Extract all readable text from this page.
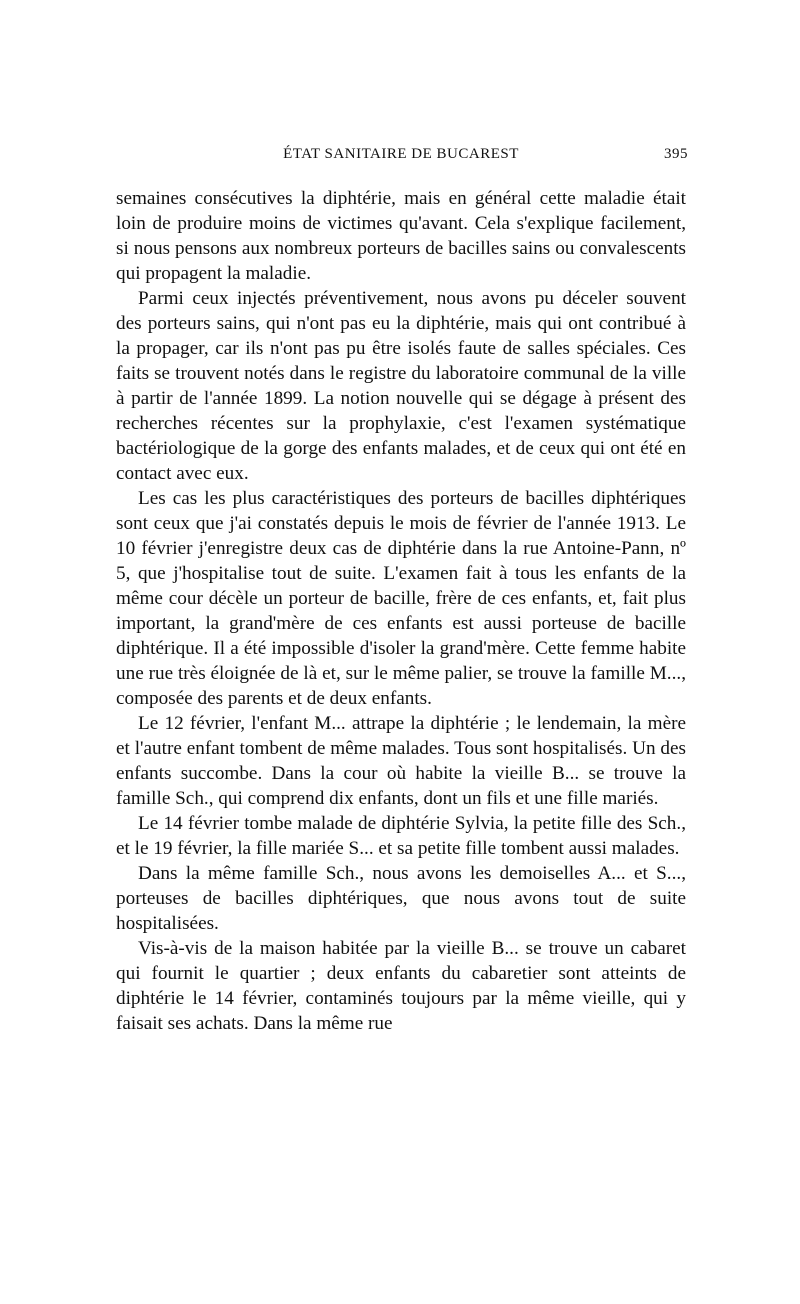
ÉTAT SANITAIRE DE BUCAREST	395

semaines consécutives la diphtérie, mais en général cette maladie était loin de produire moins de victimes qu'avant. Cela s'explique facilement, si nous pensons aux nombreux porteurs de bacilles sains ou convalescents qui propagent la maladie.

Parmi ceux injectés préventivement, nous avons pu déceler souvent des porteurs sains, qui n'ont pas eu la diphtérie, mais qui ont contribué à la propager, car ils n'ont pas pu être isolés faute de salles spéciales. Ces faits se trouvent notés dans le registre du laboratoire communal de la ville à partir de l'année 1899. La notion nouvelle qui se dégage à présent des recherches récentes sur la prophylaxie, c'est l'examen systématique bactériologique de la gorge des enfants malades, et de ceux qui ont été en contact avec eux.

Les cas les plus caractéristiques des porteurs de bacilles diphtériques sont ceux que j'ai constatés depuis le mois de février de l'année 1913. Le 10 février j'enregistre deux cas de diphtérie dans la rue Antoine-Pann, nº 5, que j'hospitalise tout de suite. L'examen fait à tous les enfants de la même cour décèle un porteur de bacille, frère de ces enfants, et, fait plus important, la grand'mère de ces enfants est aussi porteuse de bacille diphtérique. Il a été impossible d'isoler la grand'mère. Cette femme habite une rue très éloignée de là et, sur le même palier, se trouve la famille M..., composée des parents et de deux enfants.

Le 12 février, l'enfant M... attrape la diphtérie ; le lendemain, la mère et l'autre enfant tombent de même malades. Tous sont hospitalisés. Un des enfants succombe. Dans la cour où habite la vieille B... se trouve la famille Sch., qui comprend dix enfants, dont un fils et une fille mariés.

Le 14 février tombe malade de diphtérie Sylvia, la petite fille des Sch., et le 19 février, la fille mariée S... et sa petite fille tombent aussi malades.

Dans la même famille Sch., nous avons les demoiselles A... et S..., porteuses de bacilles diphtériques, que nous avons tout de suite hospitalisées.

Vis-à-vis de la maison habitée par la vieille B... se trouve un cabaret qui fournit le quartier ; deux enfants du cabaretier sont atteints de diphtérie le 14 février, contaminés toujours par la même vieille, qui y faisait ses achats. Dans la même rue
